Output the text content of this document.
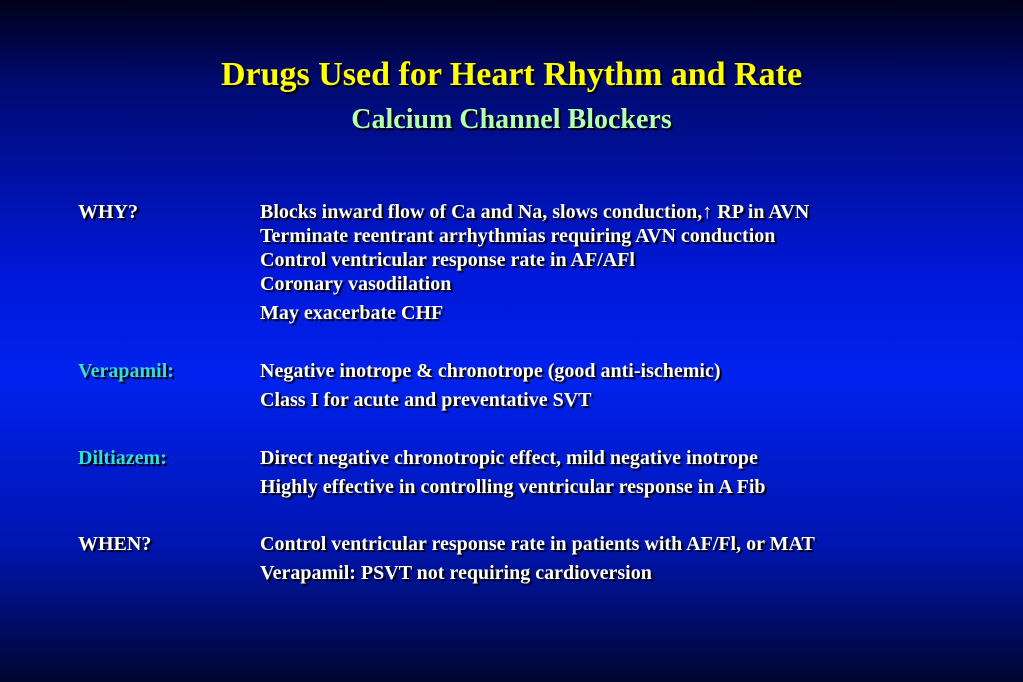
Drugs Used for Heart Rhythm and Rate
Calcium Channel Blockers
WHY?	Blocks inward flow of Ca and Na, slows conduction,↑ RP in AVN
Terminate reentrant arrhythmias requiring AVN conduction
Control ventricular response rate in AF/AFl
Coronary vasodilation
May exacerbate CHF
Verapamil:	Negative inotrope & chronotrope (good anti-ischemic)
Class I for acute and preventative SVT
Diltiazem:	Direct negative chronotropic effect, mild negative inotrope
Highly effective in controlling ventricular response in A Fib
WHEN?	Control ventricular response rate in patients with AF/Fl, or MAT
Verapamil: PSVT not requiring cardioversion
